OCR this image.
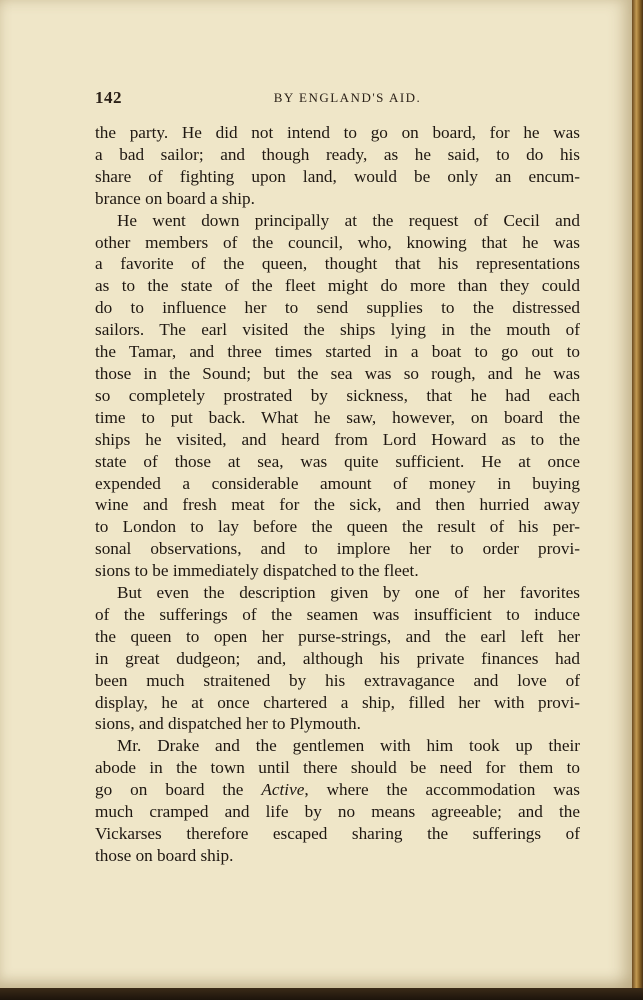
142	BY ENGLAND'S AID.
the party. He did not intend to go on board, for he was
a bad sailor; and though ready, as he said, to do his
share of fighting upon land, would be only an encum-
brance on board a ship.
He went down principally at the request of Cecil and
other members of the council, who, knowing that he was
a favorite of the queen, thought that his representations
as to the state of the fleet might do more than they could
do to influence her to send supplies to the distressed
sailors. The earl visited the ships lying in the mouth of
the Tamar, and three times started in a boat to go out to
those in the Sound; but the sea was so rough, and he was
so completely prostrated by sickness, that he had each
time to put back. What he saw, however, on board the
ships he visited, and heard from Lord Howard as to the
state of those at sea, was quite sufficient. He at once
expended a considerable amount of money in buying
wine and fresh meat for the sick, and then hurried away
to London to lay before the queen the result of his per-
sonal observations, and to implore her to order provi-
sions to be immediately dispatched to the fleet.
But even the description given by one of her favorites
of the sufferings of the seamen was insufficient to induce
the queen to open her purse-strings, and the earl left her
in great dudgeon; and, although his private finances had
been much straitened by his extravagance and love of
display, he at once chartered a ship, filled her with provi-
sions, and dispatched her to Plymouth.
Mr. Drake and the gentlemen with him took up their
abode in the town until there should be need for them to
go on board the Active, where the accommodation was
much cramped and life by no means agreeable; and the
Vickarses therefore escaped sharing the sufferings of
those on board ship.
